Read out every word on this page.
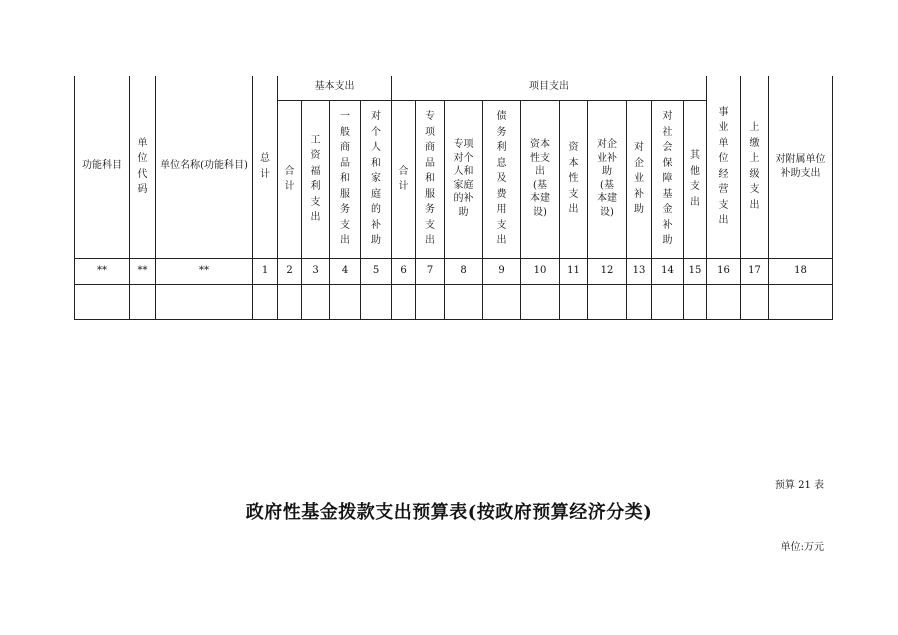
功能科目	单位代码	单位名称(功能科目)	总计	基本支出				项目支出										事业单位经营支出	上缴上级支出	对附属单位补助支出
				合计	工资福利支出	一般商品和服务支出	对个人和家庭的补助	合计	专项商品和服务支出	专项对个人和家庭的补助	债务利息及费用支出	资本性支出(基本建设)	资本性支出	对企业补助(基本建设)	对企业补助	对社会保障基金补助	其他支出			
**	**	**	1	2	3	4	5	6	7	8	9	10	11	12	13	14	15	16	17	18

预算 21 表
政府性基金拨款支出预算表(按政府预算经济分类)
单位:万元
